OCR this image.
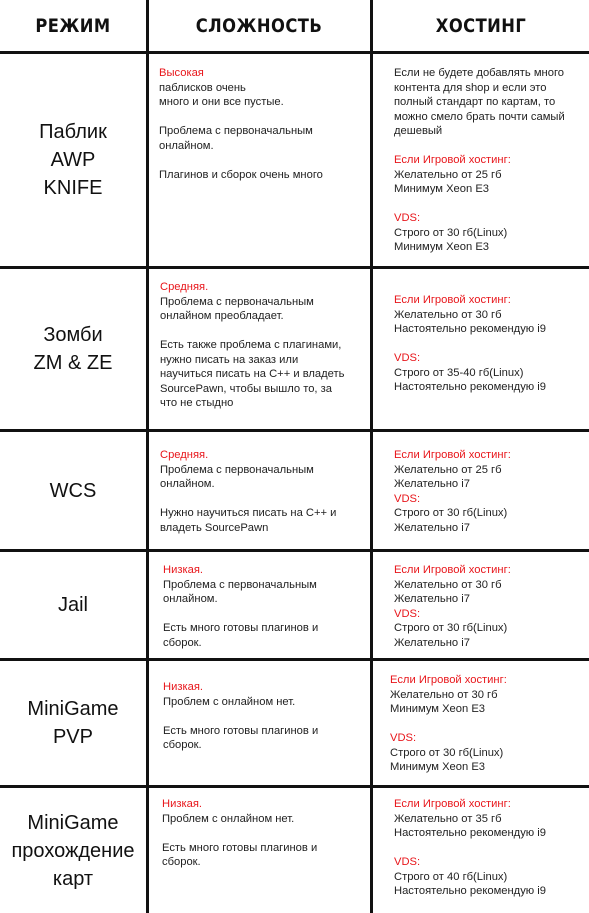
РЕЖИМ	СЛОЖНОСТЬ	ХОСТИНГ
Паблик
AWP
KNIFE
Высокая
паблисков очень
много и они все пустые.
Проблема с первоначальным
онлайном.
Плагинов и сборок очень много
Если не будете добавлять много
контента для shop и если это
полный стандарт по картам, то
можно смело брать почти самый
дешевый
Если Игровой хостинг:
Желательно от 25 гб
Минимум Xeon E3
VDS:
Строго от 30 гб(Linux)
Минимум Xeon E3
Зомби
ZM & ZE
Средняя.
Проблема с первоначальным
онлайном преобладает.
Есть также проблема с плагинами,
нужно писать на заказ или
научиться писать на C++ и владеть
SourcePawn, чтобы вышло то, за
что не стыдно
Если Игровой хостинг:
Желательно от 30 гб
Настоятельно рекомендую i9
VDS:
Строго от 35-40 гб(Linux)
Настоятельно рекомендую i9
WCS
Средняя.
Проблема с первоначальным
онлайном.
Нужно научиться писать на C++ и
владеть SourcePawn
Если Игровой хостинг:
Желательно от 25 гб
Желательно i7
VDS:
Строго от 30 гб(Linux)
Желательно i7
Jail
Низкая.
Проблема с первоначальным
онлайном.
Есть много готовы плагинов и
сборок.
Если Игровой хостинг:
Желательно от 30 гб
Желательно i7
VDS:
Строго от 30 гб(Linux)
Желательно i7
MiniGame
PVP
Низкая.
Проблем с онлайном нет.
Есть много готовы плагинов и
сборок.
Если Игровой хостинг:
Желательно от 30 гб
Минимум Xeon E3
VDS:
Строго от 30 гб(Linux)
Минимум Xeon E3
MiniGame
прохождение
карт
Низкая.
Проблем с онлайном нет.
Есть много готовы плагинов и
сборок.
Если Игровой хостинг:
Желательно от 35 гб
Настоятельно рекомендую i9
VDS:
Строго от 40 гб(Linux)
Настоятельно рекомендую i9
